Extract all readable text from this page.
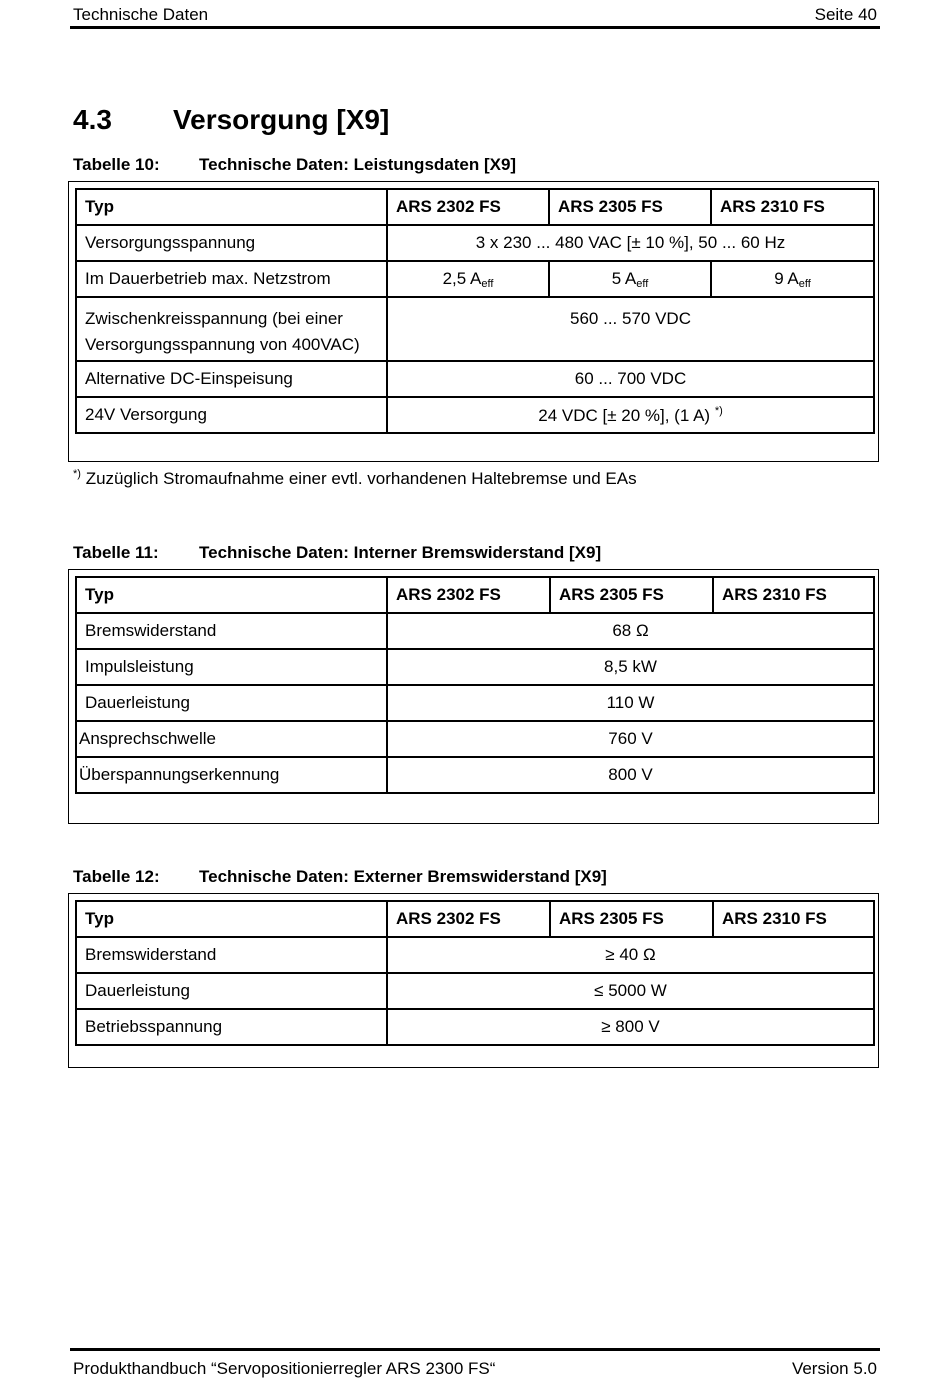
Technische Daten	Seite 40
4.3 Versorgung [X9]
Tabelle 10: Technische Daten: Leistungsdaten [X9]
Typ	ARS 2302 FS	ARS 2305 FS	ARS 2310 FS
Versorgungsspannung	3 x 230 ... 480 VAC [± 10 %], 50 ... 60 Hz		
Im Dauerbetrieb max. Netzstrom	2,5 $A_{eff}$	5 $A_{eff}$	9 $A_{eff}$
Zwischenkreisspannung (bei einer
Versorgungsspannung von 400VAC)	560 ... 570 VDC		
Alternative DC-Einspeisung	60 ... 700 VDC		
24V Versorgung	24 VDC [± 20 %], (1 A) *)
*) Zuzüglich Stromaufnahme einer evtl. vorhandenen Haltebremse und EAs
Tabelle 11: Technische Daten: Interner Bremswiderstand [X9]
Typ	ARS 2302 FS	ARS 2305 FS	ARS 2310 FS
Bremswiderstand	68 Ω		
Impulsleistung	8,5 kW		
Dauerleistung	110 W		
Ansprechschwelle	760 V		
Überspannungserkennung	800 V		
Tabelle 12: Technische Daten: Externer Bremswiderstand [X9]
Typ	ARS 2302 FS	ARS 2305 FS	ARS 2310 FS
Bremswiderstand	≥ 40 Ω		
Dauerleistung	≤ 5000 W		
Betriebsspannung	≥ 800 V		
Produkthandbuch “Servopositionierregler ARS 2300 FS“	Version 5.0
